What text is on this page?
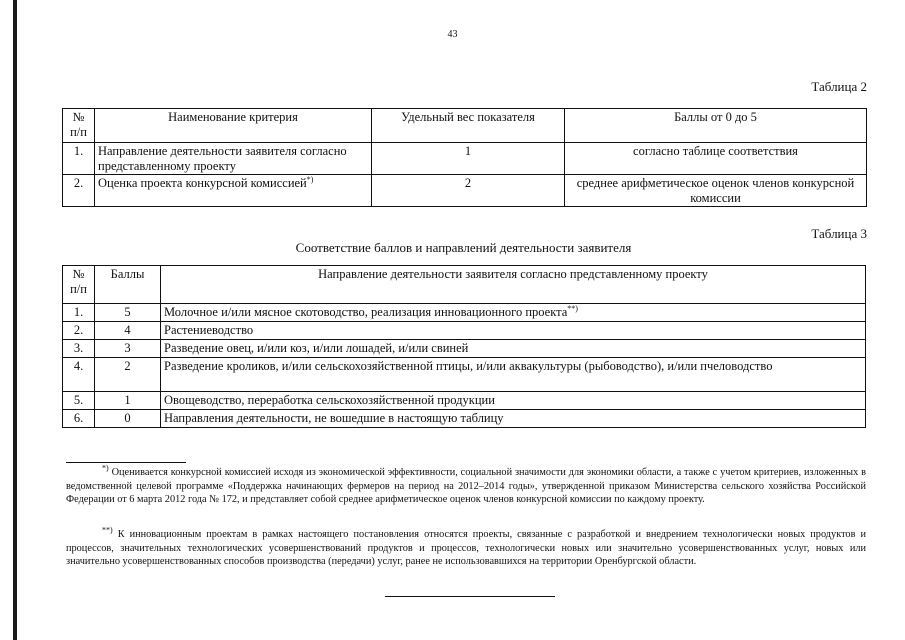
43
Таблица 2
№ п/п	Наименование критерия	Удельный вес показателя	Баллы от 0 до 5
1.	Направление деятельности заявителя согласно представленному проекту	1	согласно таблице соответствия
2.	Оценка проекта конкурсной комиссией*)	2	среднее арифметическое оценок членов конкурсной комиссии
Таблица 3
Соответствие баллов и направлений деятельности заявителя
№ п/п	Баллы	Направление деятельности заявителя согласно представленному проекту
1.	5	Молочное и/или мясное скотоводство, реализация инновационного проекта**)
2.	4	Растениеводство
3.	3	Разведение овец, и/или коз, и/или лошадей, и/или свиней
4.	2	Разведение кроликов, и/или сельскохозяйственной птицы, и/или аквакультуры (рыбоводство), и/или пчеловодство
5.	1	Овощеводство, переработка сельскохозяйственной продукции
6.	0	Направления деятельности, не вошедшие в настоящую таблицу

*) Оценивается конкурсной комиссией исходя из экономической эффективности, социальной значимости для экономики области, а также с учетом критериев, изложенных в ведомственной целевой программе «Поддержка начинающих фермеров на период на 2012–2014 годы», утвержденной приказом Министерства сельского хозяйства Российской Федерации от 6 марта 2012 года № 172, и представляет собой среднее арифметическое оценок членов конкурсной комиссии по каждому проекту.

**) К инновационным проектам в рамках настоящего постановления относятся проекты, связанные с разработкой и внедрением технологически новых продуктов и процессов, значительных технологических усовершенствований продуктов и процессов, технологически новых или значительно усовершенствованных услуг, новых или значительно усовершенствованных способов производства (передачи) услуг, ранее не использовавшихся на территории Оренбургской области.
